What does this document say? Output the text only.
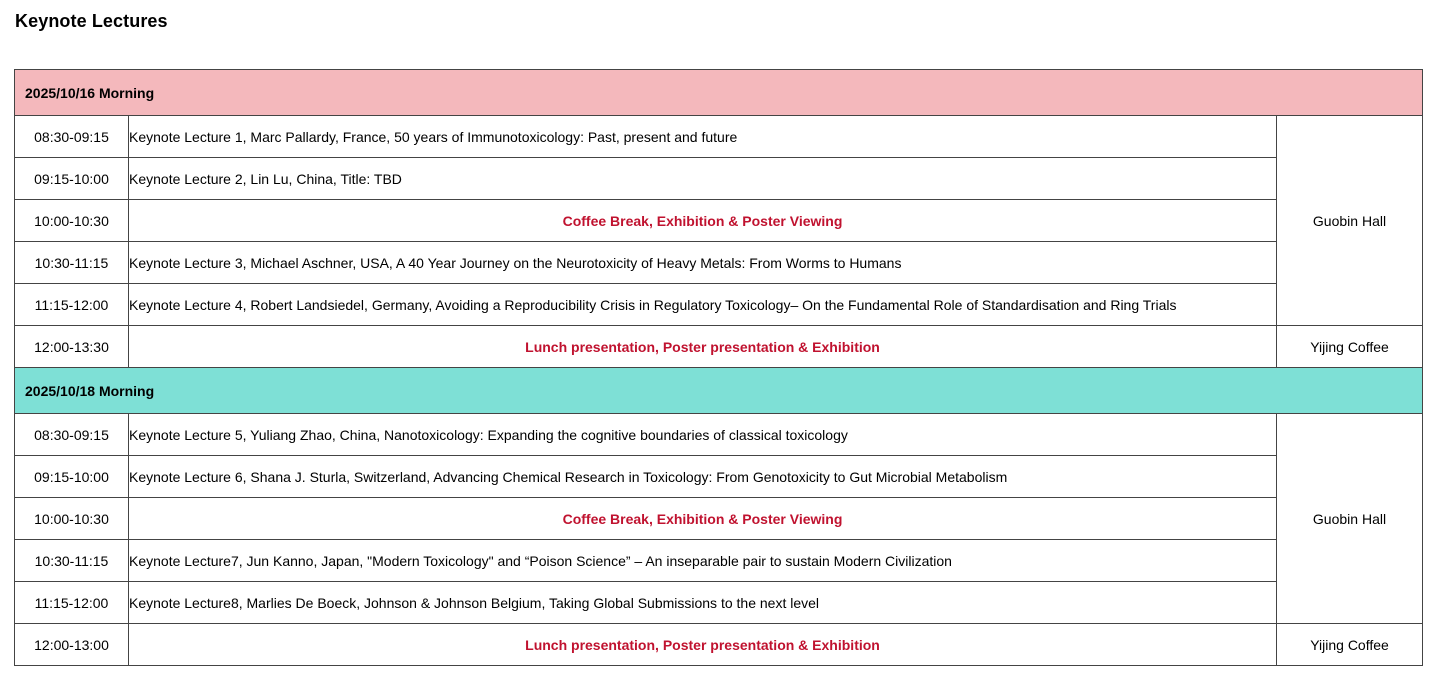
Keynote Lectures
2025/10/16 Morning		
08:30-09:15	Keynote Lecture 1, Marc Pallardy, France, 50 years of Immunotoxicology: Past, present and future	Guobin Hall
09:15-10:00	Keynote Lecture 2, Lin Lu, China, Title: TBD	
10:00-10:30	Coffee Break, Exhibition & Poster Viewing	
10:30-11:15	Keynote Lecture 3, Michael Aschner, USA, A 40 Year Journey on the Neurotoxicity of Heavy Metals: From Worms to Humans	
11:15-12:00	Keynote Lecture 4, Robert Landsiedel, Germany, Avoiding a Reproducibility Crisis in Regulatory Toxicology– On the Fundamental Role of Standardisation and Ring Trials	
12:00-13:30	Lunch presentation, Poster presentation & Exhibition	Yijing Coffee
2025/10/18 Morning		
08:30-09:15	Keynote Lecture 5, Yuliang Zhao, China, Nanotoxicology: Expanding the cognitive boundaries of classical toxicology	Guobin Hall
09:15-10:00	Keynote Lecture 6, Shana J. Sturla, Switzerland, Advancing Chemical Research in Toxicology: From Genotoxicity to Gut Microbial Metabolism	
10:00-10:30	Coffee Break, Exhibition & Poster Viewing	
10:30-11:15	Keynote Lecture7, Jun Kanno, Japan, "Modern Toxicology" and “Poison Science” – An inseparable pair to sustain Modern Civilization	
11:15-12:00	Keynote Lecture8, Marlies De Boeck, Johnson & Johnson Belgium, Taking Global Submissions to the next level	
12:00-13:00	Lunch presentation, Poster presentation & Exhibition	Yijing Coffee
